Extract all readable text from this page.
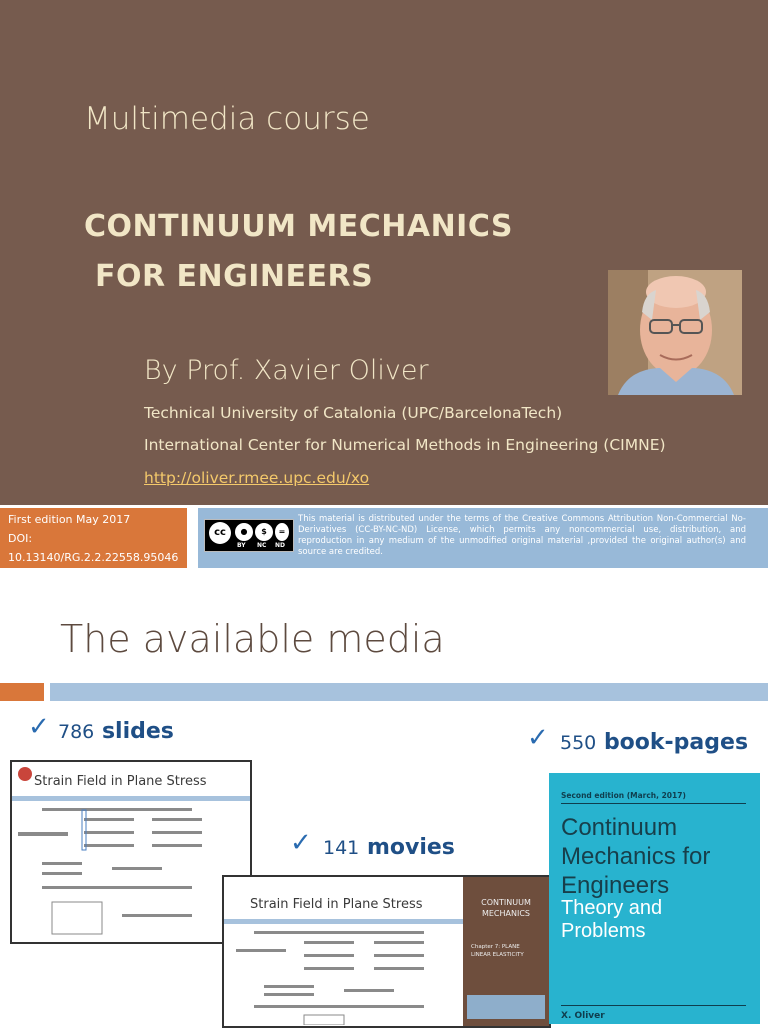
Multimedia course
CONTINUUM MECHANICS
FOR ENGINEERS
By Prof. Xavier Oliver
Technical University of Catalonia (UPC/BarcelonaTech)
International Center for Numerical Methods in Engineering (CIMNE)
http://oliver.rmee.upc.edu/xo
First edition May 2017
DOI:
10.13140/RG.2.2.22558.95046
cc	●	$	=
BY NC ND
This material is distributed under the terms of the Creative Commons Attribution Non-Commercial No-Derivatives (CC-BY-NC-ND) License, which permits any noncommercial use, distribution, and reproduction in any medium of the unmodified original material ,provided the original author(s) and source are credited.
The available media
✓ 786 slides	✓ 550 book-pages
✓ 141 movies
Strain Field in Plane Stress
Strain Field in Plane Stress	CONTINUUM MECHANICS
Chapter 7: PLANE LINEAR ELASTICITY
Second edition (March, 2017)
Continuum
Mechanics for
Engineers
Theory and
Problems
X. Oliver
